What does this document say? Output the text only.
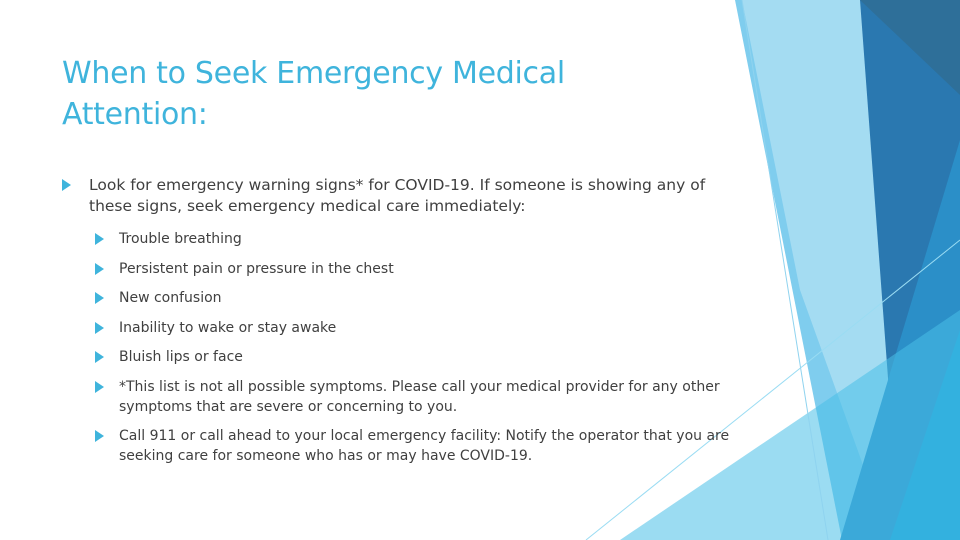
When to Seek Emergency Medical Attention:
Look for emergency warning signs* for COVID-19. If someone is showing any of these signs, seek emergency medical care immediately:
Trouble breathing
Persistent pain or pressure in the chest
New confusion
Inability to wake or stay awake
Bluish lips or face
*This list is not all possible symptoms. Please call your medical provider for any other symptoms that are severe or concerning to you.
Call 911 or call ahead to your local emergency facility: Notify the operator that you are seeking care for someone who has or may have COVID-19.
